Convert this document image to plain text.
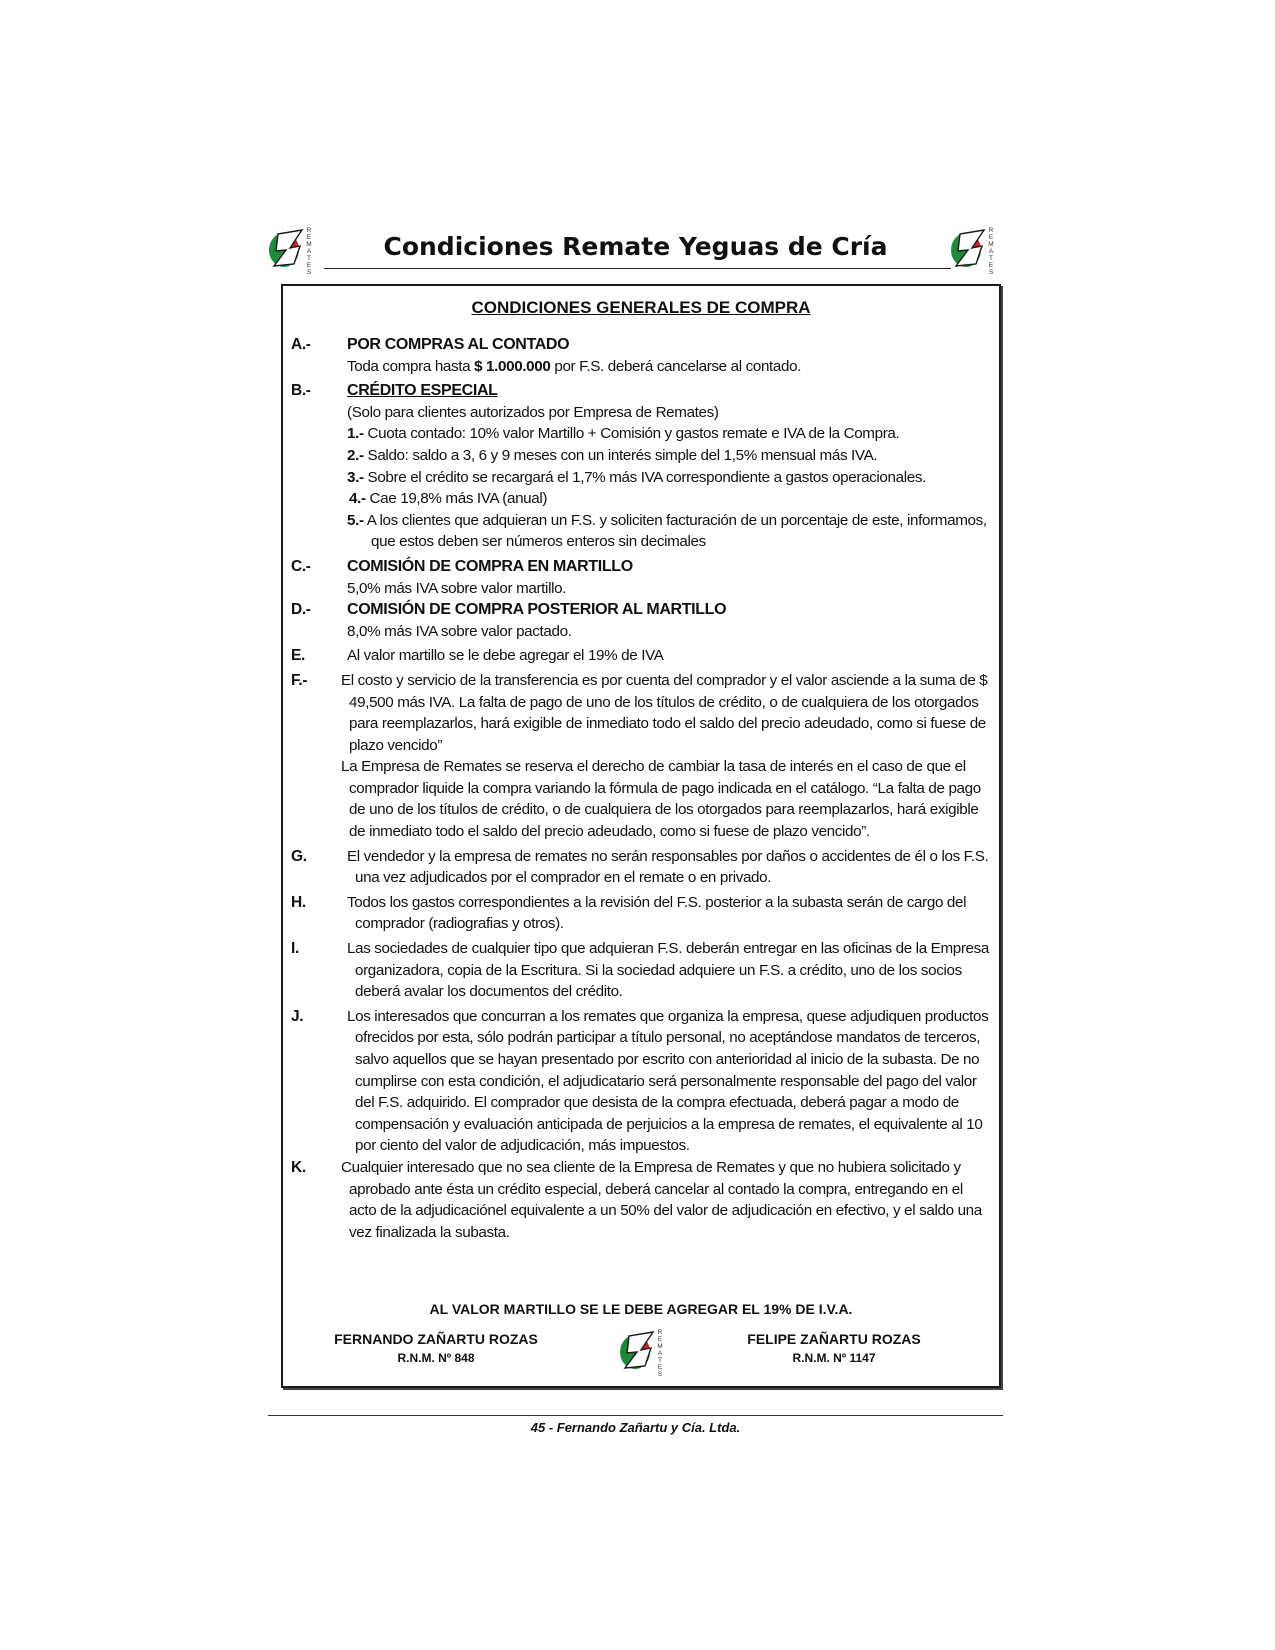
R
E
M
A
T
E
S
Condiciones Remate Yeguas de Cría
R
E
M
A
T
E
S
CONDICIONES GENERALES DE COMPRA
A.- POR COMPRAS AL CONTADO
Toda compra hasta $ 1.000.000 por F.S. deberá cancelarse al contado.
B.- CRÉDITO ESPECIAL
(Solo para clientes autorizados por Empresa de Remates)
1.- Cuota contado: 10% valor Martillo + Comisión y gastos remate e IVA de la Compra.
2.- Saldo: saldo a 3, 6 y 9 meses con un interés simple del 1,5% mensual más IVA.
3.- Sobre el crédito se recargará el 1,7% más IVA correspondiente a gastos operacionales.
4.- Cae 19,8% más IVA (anual)
5.- A los clientes que adquieran un F.S. y soliciten facturación de un porcentaje de este, informamos, que estos deben ser números enteros sin decimales
C.- COMISIÓN DE COMPRA EN MARTILLO
5,0% más IVA sobre valor martillo.
D.- COMISIÓN DE COMPRA POSTERIOR AL MARTILLO
8,0% más IVA sobre valor pactado.
E.	Al valor martillo se le debe agregar el 19% de IVA
F.- El costo y servicio de la transferencia es por cuenta del comprador y el valor asciende a la suma de $ 49,500 más IVA. La falta de pago de uno de los títulos de crédito, o de cualquiera de los otorgados para reemplazarlos, hará exigible de inmediato todo el saldo del precio adeudado, como si fuese de plazo vencido”
La Empresa de Remates se reserva el derecho de cambiar la tasa de interés en el caso de que el comprador liquide la compra variando la fórmula de pago indicada en el catálogo. “La falta de pago de uno de los títulos de crédito, o de cualquiera de los otorgados para reemplazarlos, hará exigible de inmediato todo el saldo del precio adeudado, como si fuese de plazo vencido”.
G.	El vendedor y la empresa de remates no serán responsables por daños o accidentes de él o los F.S. una vez adjudicados por el comprador en el remate o en privado.
H.	Todos los gastos correspondientes a la revisión del F.S. posterior a la subasta serán de cargo del comprador (radiografias y otros).
I.	Las sociedades de cualquier tipo que adquieran F.S. deberán entregar en las oficinas de la Empresa organizadora, copia de la Escritura. Si la sociedad adquiere un F.S. a crédito, uno de los socios deberá avalar los documentos del crédito.
J.	Los interesados que concurran a los remates que organiza la empresa, quese adjudiquen productos ofrecidos por esta, sólo podrán participar a título personal, no aceptándose mandatos de terceros, salvo aquellos que se hayan presentado por escrito con anterioridad al inicio de la subasta. De no cumplirse con esta condición, el adjudicatario será personalmente responsable del pago del valor del F.S. adquirido. El comprador que desista de la compra efectuada, deberá pagar a modo de compensación y evaluación anticipada de perjuicios a la empresa de remates, el equivalente al 10 por ciento del valor de adjudicación, más impuestos.
K. Cualquier interesado que no sea cliente de la Empresa de Remates y que no hubiera solicitado y aprobado ante ésta un crédito especial, deberá cancelar al contado la compra, entregando en el acto de la adjudicaciónel equivalente a un 50% del valor de adjudicación en efectivo, y el saldo una vez finalizada la subasta.
AL VALOR MARTILLO SE LE DEBE AGREGAR EL 19% DE I.V.A.
FERNANDO ZAÑARTU ROZAS
R.N.M. Nº 848
R
E
M
A
T
E
S
FELIPE ZAÑARTU ROZAS
R.N.M. Nº 1147
45 - Fernando Zañartu y Cía. Ltda.
